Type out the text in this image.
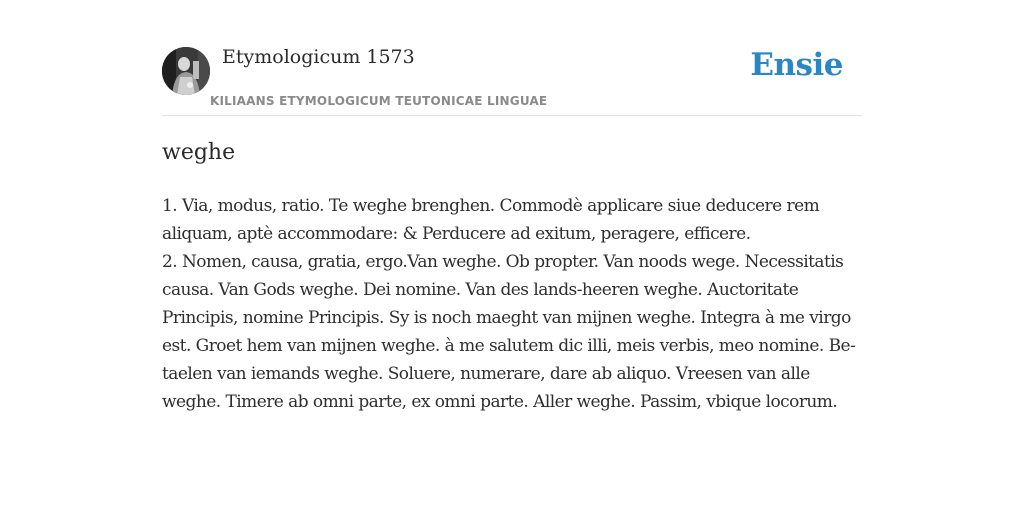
Etymologicum 1573
KILIAANS ETYMOLOGICUM TEUTONICAE LINGUAE
Ensie
weghe

1. Via, modus, ratio. Te weghe brenghen. Commodè applicare siue deducere rem aliquam, aptè accommodare: & Perducere ad exitum, peragere, efficere.

2. Nomen, causa, gratia, ergo.Van weghe. Ob propter. Van noods wege. Necessitatis causa. Van Gods weghe. Dei nomine. Van des lands-heeren weghe. Auctoritate Principis, nomine Principis. Sy is noch maeght van mijnen weghe. Integra à me virgo est. Groet hem van mijnen weghe. à me salutem dic illi, meis verbis, meo nomine. Be-taelen van iemands weghe. Soluere, numerare, dare ab aliquo. Vreesen van alle weghe. Timere ab omni parte, ex omni parte. Aller weghe. Passim, vbique locorum.
